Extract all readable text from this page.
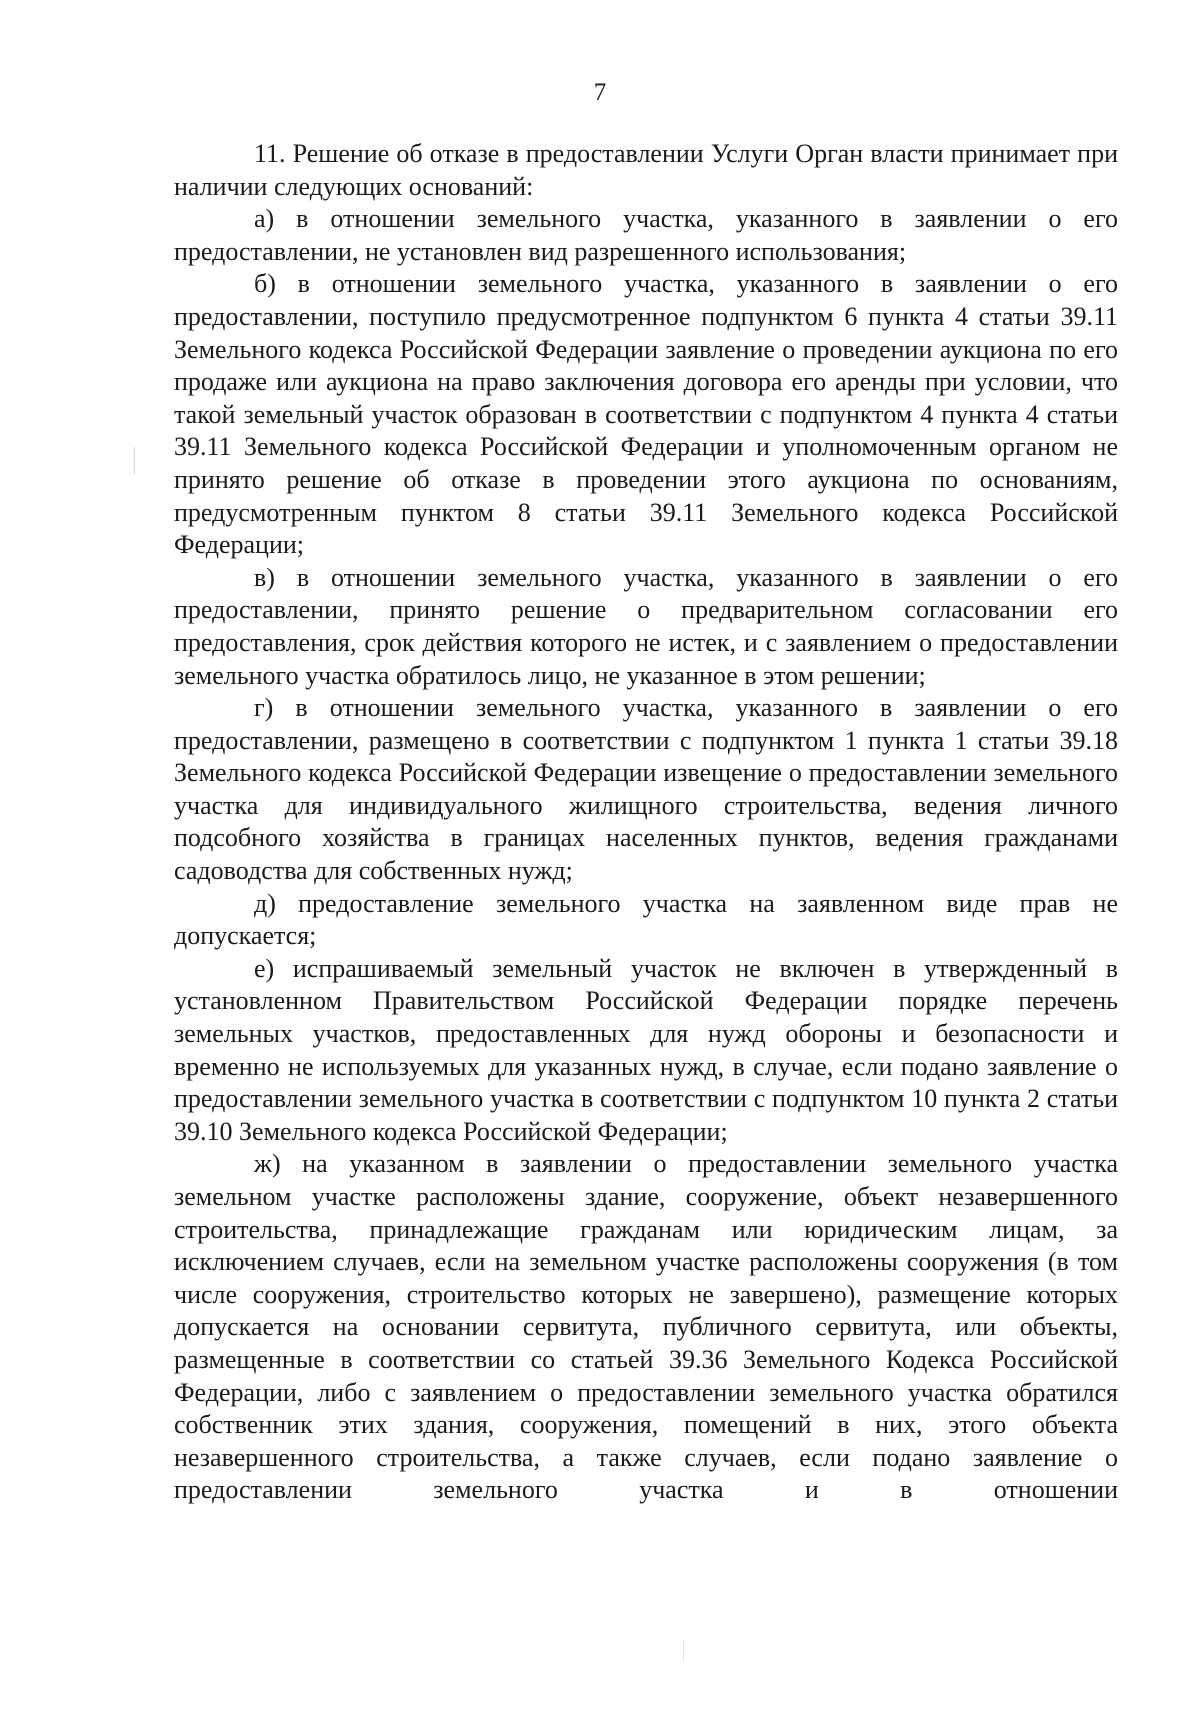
7

11. Решение об отказе в предоставлении Услуги Орган власти принимает при наличии следующих оснований:

а) в отношении земельного участка, указанного в заявлении о его предоставлении, не установлен вид разрешенного использования;

б) в отношении земельного участка, указанного в заявлении о его предоставлении, поступило предусмотренное подпунктом 6 пункта 4 статьи 39.11 Земельного кодекса Российской Федерации заявление о проведении аукциона по его продаже или аукциона на право заключения договора его аренды при условии, что такой земельный участок образован в соответствии с подпунктом 4 пункта 4 статьи 39.11 Земельного кодекса Российской Федерации и уполномоченным органом не принято решение об отказе в проведении этого аукциона по основаниям, предусмотренным пунктом 8 статьи 39.11 Земельного кодекса Российской Федерации;

в) в отношении земельного участка, указанного в заявлении о его предоставлении, принято решение о предварительном согласовании его предоставления, срок действия которого не истек, и с заявлением о предоставлении земельного участка обратилось лицо, не указанное в этом решении;

г) в отношении земельного участка, указанного в заявлении о его предоставлении, размещено в соответствии с подпунктом 1 пункта 1 статьи 39.18 Земельного кодекса Российской Федерации извещение о предоставлении земельного участка для индивидуального жилищного строительства, ведения личного подсобного хозяйства в границах населенных пунктов, ведения гражданами садоводства для собственных нужд;

д) предоставление земельного участка на заявленном виде прав не допускается;

е) испрашиваемый земельный участок не включен в утвержденный в установленном Правительством Российской Федерации порядке перечень земельных участков, предоставленных для нужд обороны и безопасности и временно не используемых для указанных нужд, в случае, если подано заявление о предоставлении земельного участка в соответствии с подпунктом 10 пункта 2 статьи 39.10 Земельного кодекса Российской Федерации;

ж) на указанном в заявлении о предоставлении земельного участка земельном участке расположены здание, сооружение, объект незавершенного строительства, принадлежащие гражданам или юридическим лицам, за исключением случаев, если на земельном участке расположены сооружения (в том числе сооружения, строительство которых не завершено), размещение которых допускается на основании сервитута, публичного сервитута, или объекты, размещенные в соответствии со статьей 39.36 Земельного Кодекса Российской Федерации, либо с заявлением о предоставлении земельного участка обратился собственник этих здания, сооружения, помещений в них, этого объекта незавершенного строительства, а также случаев, если подано заявление о предоставлении земельного участка и в отношении
